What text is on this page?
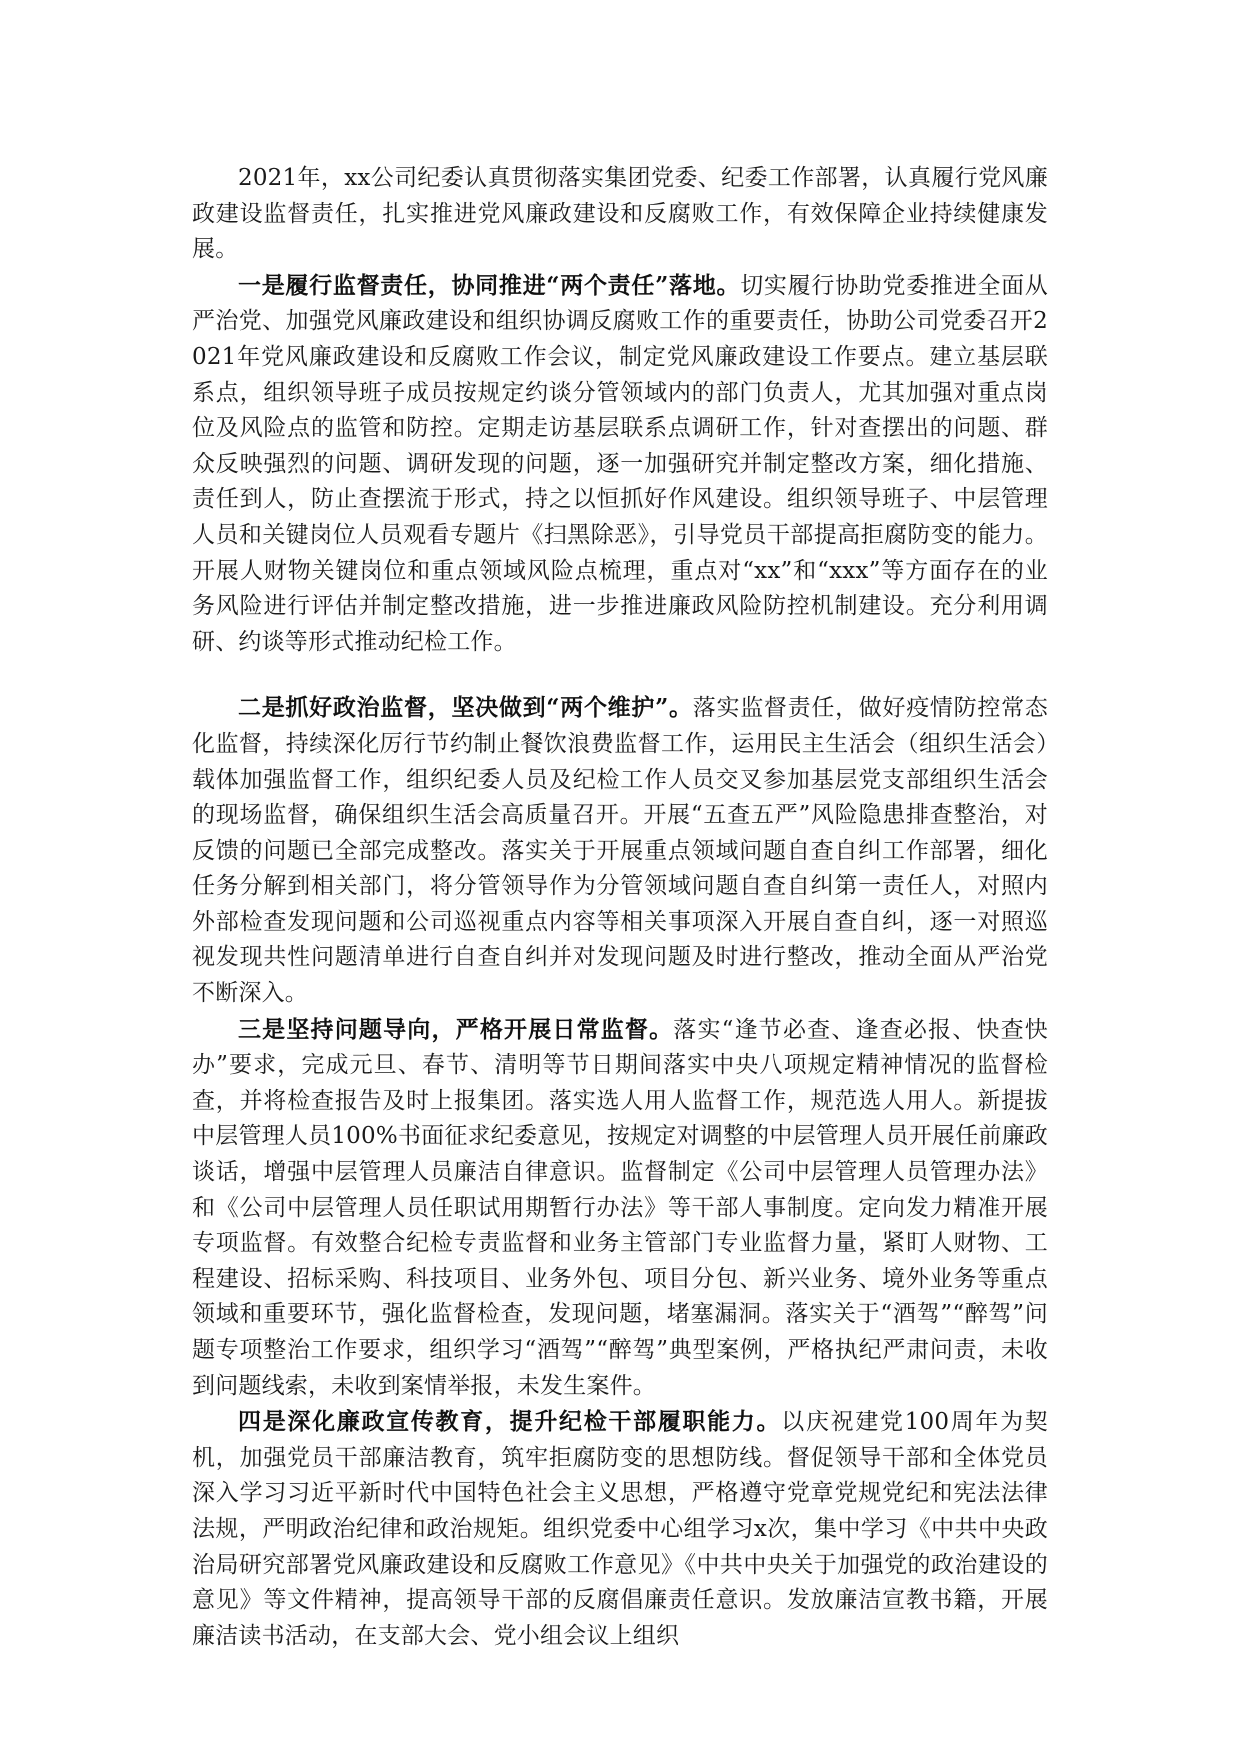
2021年，xx公司纪委认真贯彻落实集团党委、纪委工作部署，认真履行党风廉政建设监督责任，扎实推进党风廉政建设和反腐败工作，有效保障企业持续健康发展。

一是履行监督责任，协同推进“两个责任”落地。切实履行协助党委推进全面从严治党、加强党风廉政建设和组织协调反腐败工作的重要责任，协助公司党委召开2021年党风廉政建设和反腐败工作会议，制定党风廉政建设工作要点。建立基层联系点，组织领导班子成员按规定约谈分管领域内的部门负责人，尤其加强对重点岗位及风险点的监管和防控。定期走访基层联系点调研工作，针对查摆出的问题、群众反映强烈的问题、调研发现的问题，逐一加强研究并制定整改方案，细化措施、责任到人，防止查摆流于形式，持之以恒抓好作风建设。组织领导班子、中层管理人员和关键岗位人员观看专题片《扫黑除恶》，引导党员干部提高拒腐防变的能力。开展人财物关键岗位和重点领域风险点梳理，重点对“xx”和“xxx”等方面存在的业务风险进行评估并制定整改措施，进一步推进廉政风险防控机制建设。充分利用调研、约谈等形式推动纪检工作。

二是抓好政治监督，坚决做到“两个维护”。落实监督责任，做好疫情防控常态化监督，持续深化厉行节约制止餐饮浪费监督工作，运用民主生活会（组织生活会）载体加强监督工作，组织纪委人员及纪检工作人员交叉参加基层党支部组织生活会的现场监督，确保组织生活会高质量召开。开展“五查五严”风险隐患排查整治，对反馈的问题已全部完成整改。落实关于开展重点领域问题自查自纠工作部署，细化任务分解到相关部门，将分管领导作为分管领域问题自查自纠第一责任人，对照内外部检查发现问题和公司巡视重点内容等相关事项深入开展自查自纠，逐一对照巡视发现共性问题清单进行自查自纠并对发现问题及时进行整改，推动全面从严治党不断深入。

三是坚持问题导向，严格开展日常监督。落实“逢节必查、逢查必报、快查快办”要求，完成元旦、春节、清明等节日期间落实中央八项规定精神情况的监督检查，并将检查报告及时上报集团。落实选人用人监督工作，规范选人用人。新提拔中层管理人员100%书面征求纪委意见，按规定对调整的中层管理人员开展任前廉政谈话，增强中层管理人员廉洁自律意识。监督制定《公司中层管理人员管理办法》和《公司中层管理人员任职试用期暂行办法》等干部人事制度。定向发力精准开展专项监督。有效整合纪检专责监督和业务主管部门专业监督力量，紧盯人财物、工程建设、招标采购、科技项目、业务外包、项目分包、新兴业务、境外业务等重点领域和重要环节，强化监督检查，发现问题，堵塞漏洞。落实关于“酒驾”“醉驾”问题专项整治工作要求，组织学习“酒驾”“醉驾”典型案例，严格执纪严肃问责，未收到问题线索，未收到案情举报，未发生案件。

四是深化廉政宣传教育，提升纪检干部履职能力。以庆祝建党100周年为契机，加强党员干部廉洁教育，筑牢拒腐防变的思想防线。督促领导干部和全体党员深入学习习近平新时代中国特色社会主义思想，严格遵守党章党规党纪和宪法法律法规，严明政治纪律和政治规矩。组织党委中心组学习x次，集中学习《中共中央政治局研究部署党风廉政建设和反腐败工作意见》《中共中央关于加强党的政治建设的意见》等文件精神，提高领导干部的反腐倡廉责任意识。发放廉洁宣教书籍，开展廉洁读书活动，在支部大会、党小组会议上组织
